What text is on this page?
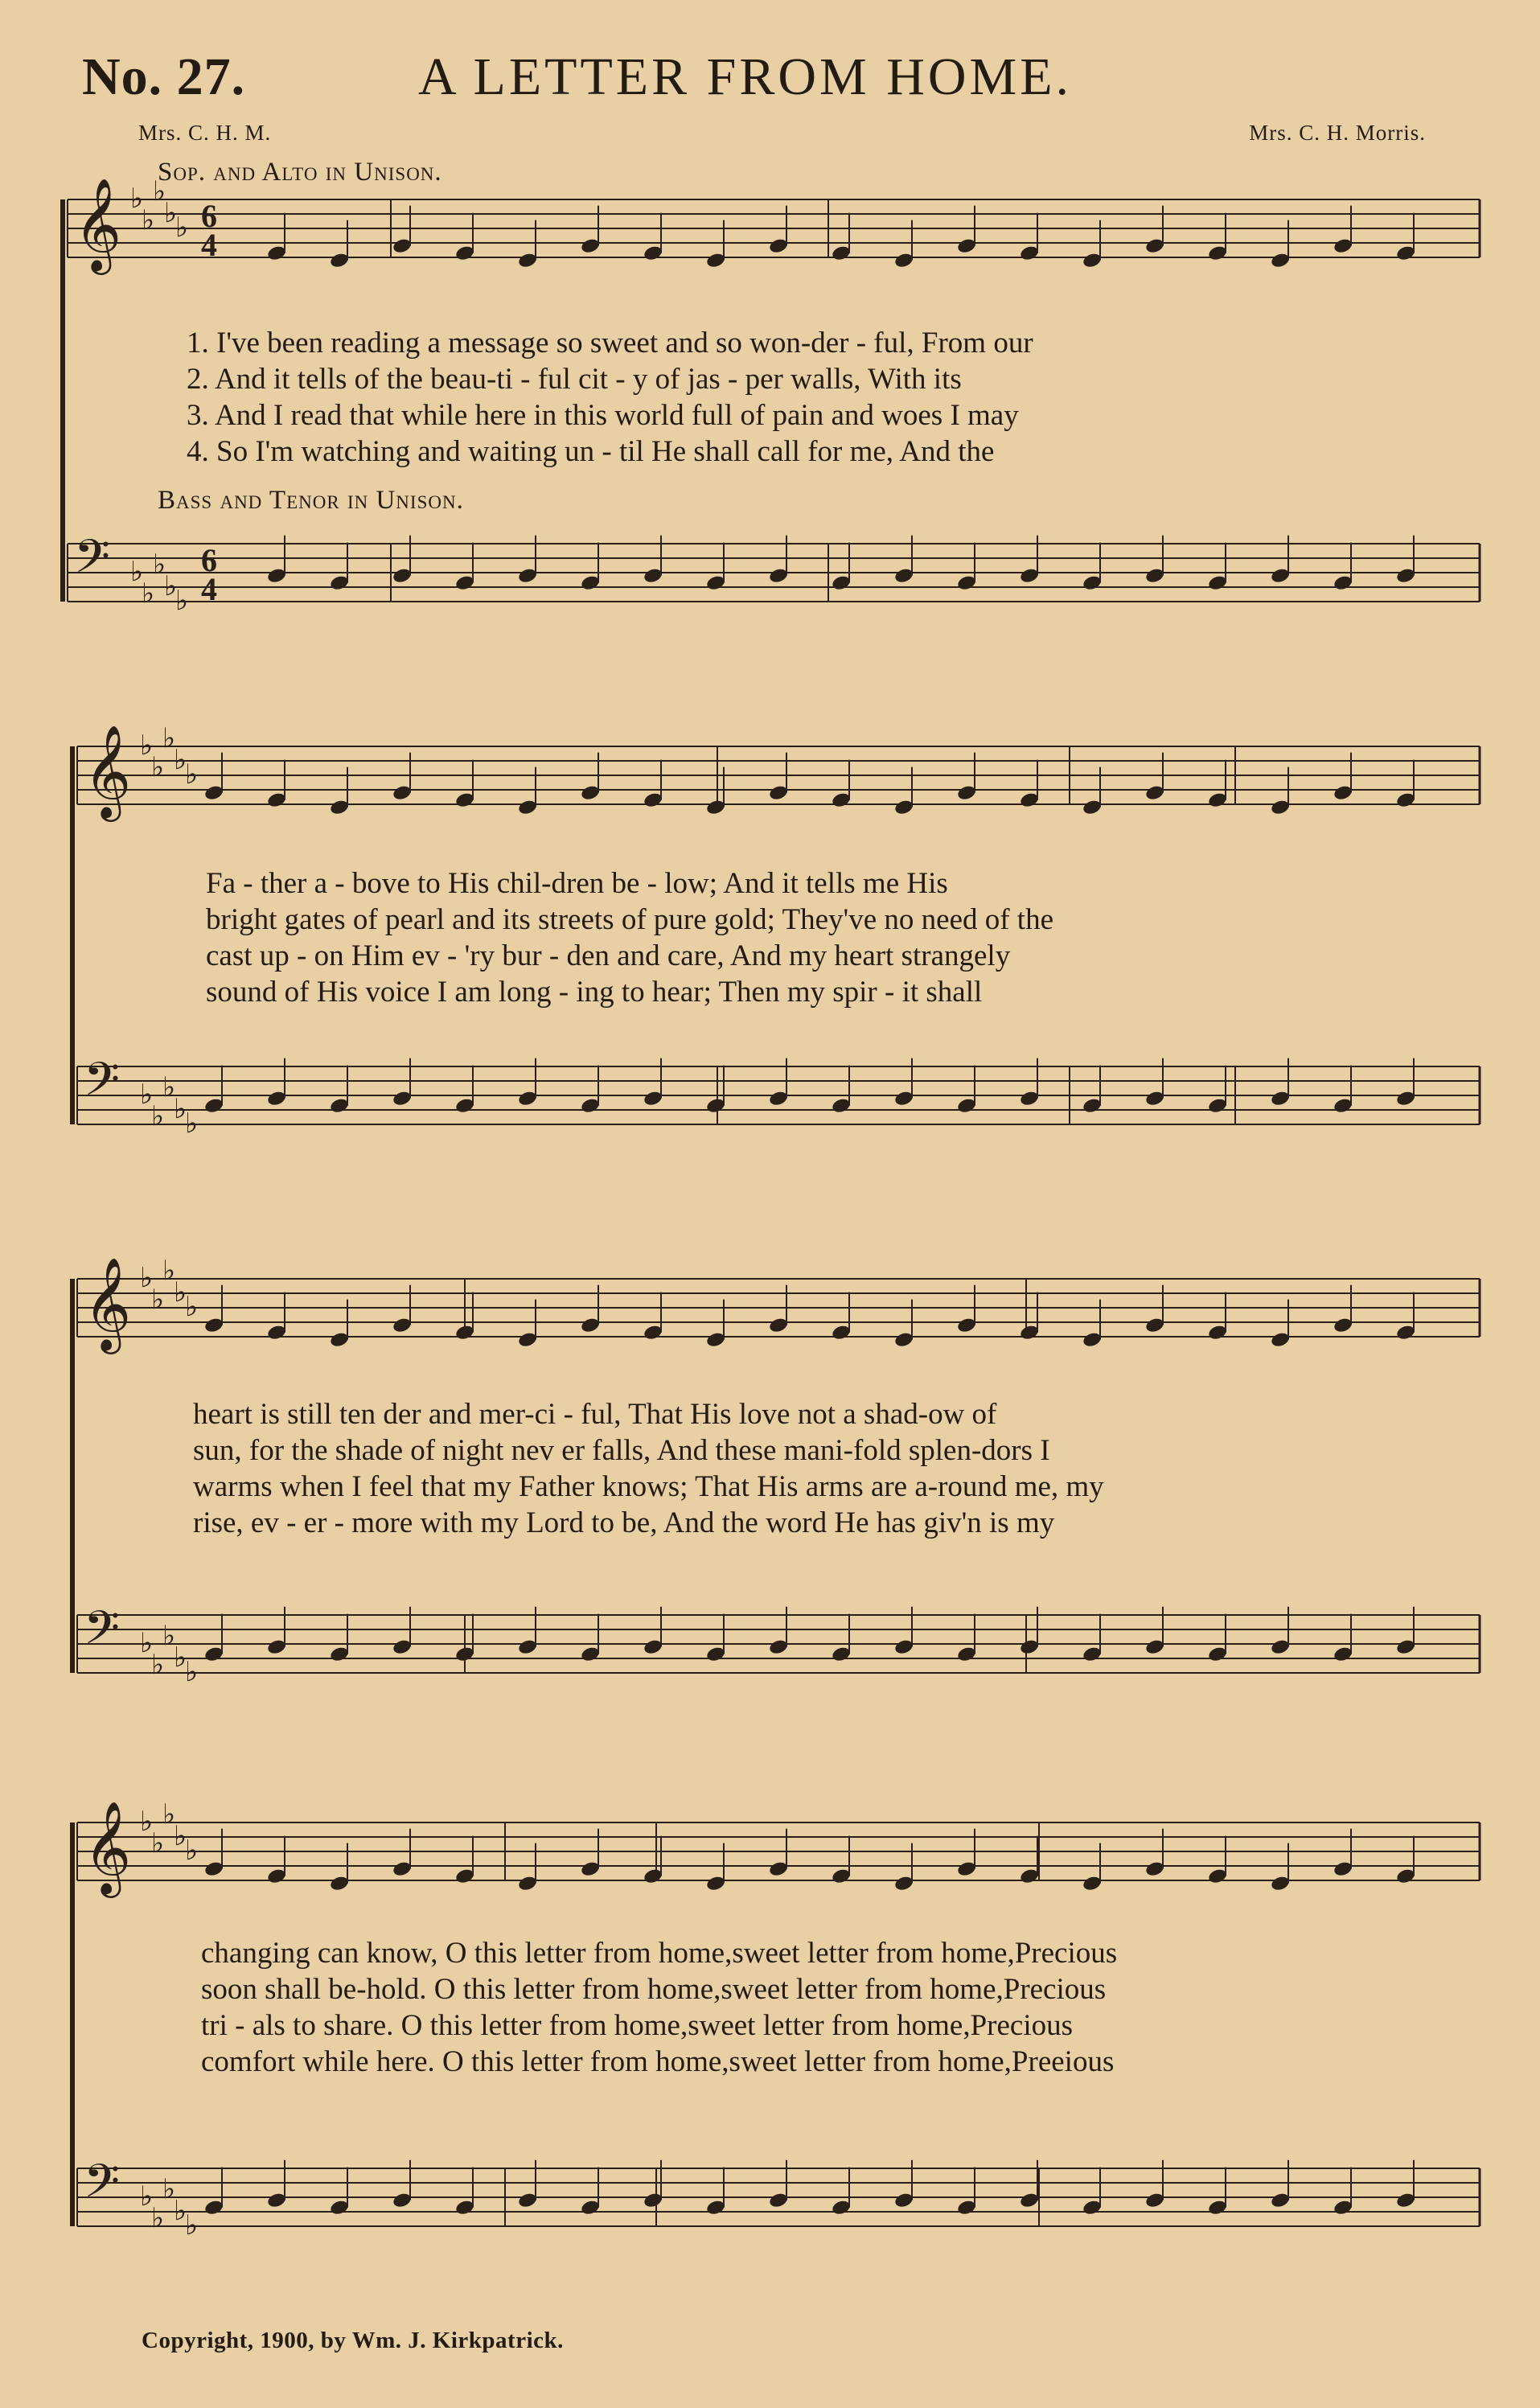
No. 27.	A LETTER FROM HOME.
Mrs. C. H. M.	Mrs. C. H. Morris.
Sop. and Alto in Unison.
Bass and Tenor in Unison.
𝄞 ♭
♭
♭
♭
♭
𝄢 ♭
♭
♭
♭
♭
𝄞 ♭
♭
♭
♭
♭
𝄢 ♭
♭
♭
♭
♭
𝄞 ♭
♭
♭
♭
♭
𝄢 ♭
♭
♭
♭
♭
𝄞 ♭
♭
♭
♭
♭
𝄢 ♭
♭
♭
♭
♭
6
6
4
4
1. I've been reading a message so sweet and so won-der - ful, From our
2. And it tells of the beau-ti - ful cit - y of jas - per walls, With its
3. And I read that while here in this world full of pain and woes I may
4. So I'm watching and waiting un - til He shall call for me, And the
Fa - ther a - bove to His chil-dren be - low; And it tells me His
bright gates of pearl and its streets of pure gold; They've no need of the
cast up - on Him ev - 'ry bur - den and care, And my heart strangely
sound of His voice I am long - ing to hear; Then my spir - it shall
heart is still ten der and mer-ci - ful, That His love not a shad-ow of
sun, for the shade of night nev er falls, And these mani-fold splen-dors I
warms when I feel that my Father knows; That His arms are a-round me, my
rise, ev - er - more with my Lord to be, And the word He has giv'n is my
changing can know, O this letter from home,sweet letter from home,Precious
soon shall be-hold. O this letter from home,sweet letter from home,Precious
tri - als to share. O this letter from home,sweet letter from home,Precious
comfort while here. O this letter from home,sweet letter from home,Preeious
Copyright, 1900, by Wm. J. Kirkpatrick.
